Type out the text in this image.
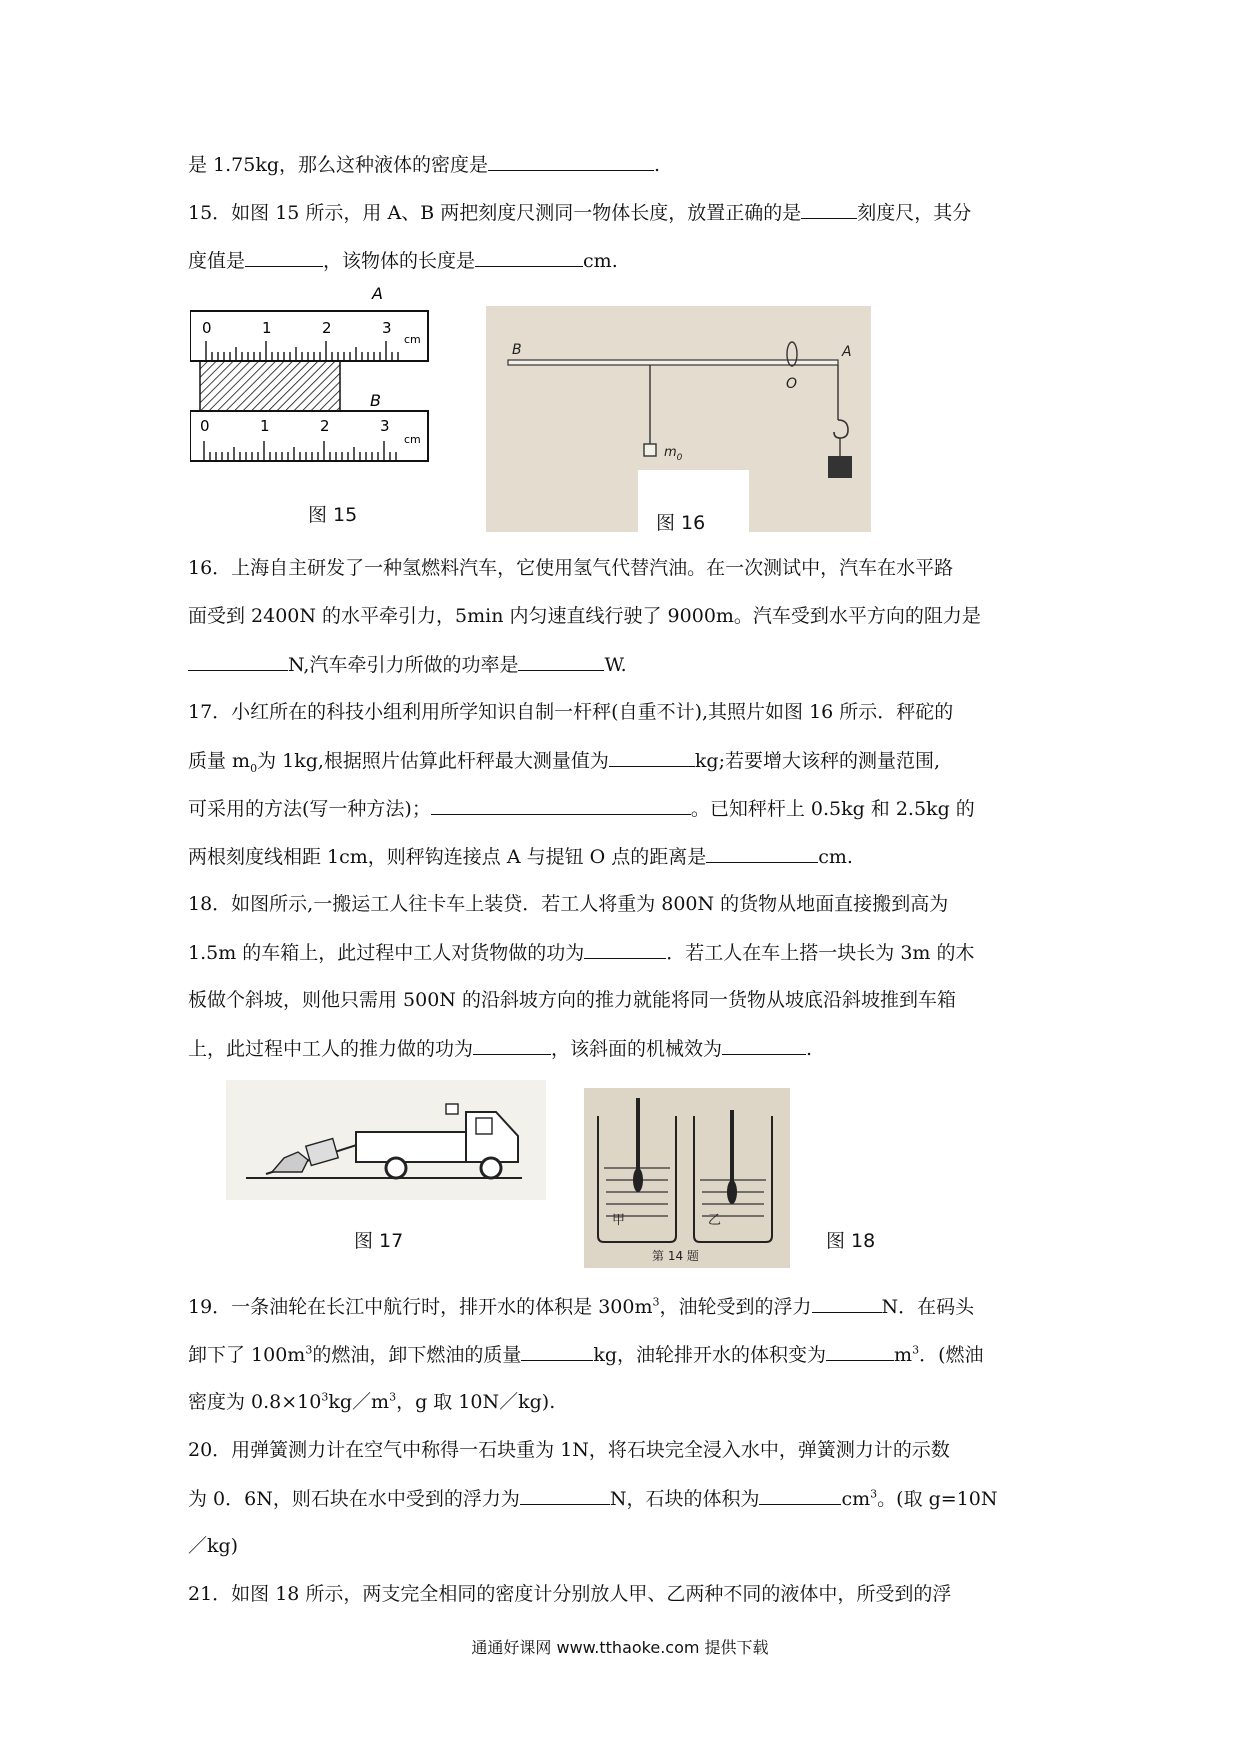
是 1.75kg，那么这种液体的密度是	.
15．如图 15 所示，用 A、B 两把刻度尺测同一物体长度，放置正确的是	刻度尺，其分
度值是	，该物体的长度是	cm.
A
0	1	2	3
cm
B
0	1	2	3
cm
图 15
B	A
O
$m_0$
图 16
16．上海自主研发了一种氢燃料汽车，它使用氢气代替汽油。在一次测试中，汽车在水平路
面受到 2400N 的水平牵引力，5min 内匀速直线行驶了 9000m。汽车受到水平方向的阻力是
N,汽车牵引力所做的功率是	W.
17．小红所在的科技小组利用所学知识自制一杆秤(自重不计),其照片如图 16 所示．秤砣的
质量 $m_0$为 1kg,根据照片估算此杆秤最大测量值为	kg;若要增大该秤的测量范围,
可采用的方法(写一种方法)；	。已知秤杆上 0.5kg 和 2.5kg 的
两根刻度线相距 1cm，则秤钩连接点 A 与提钮 O 点的距离是	cm.
18．如图所示,一搬运工人往卡车上装贷．若工人将重为 800N 的货物从地面直接搬到高为
1.5m 的车箱上，此过程中工人对货物做的功为	．若工人在车上搭一块长为 3m 的木
板做个斜坡，则他只需用 500N 的沿斜坡方向的推力就能将同一货物从坡底沿斜坡推到车箱
上，此过程中工人的推力做的功为	，该斜面的机械效为	.
图 17
甲	乙
第 14 题
图 18
19．一条油轮在长江中航行时，排开水的体积是 $300m^3$，油轮受到的浮力	N．在码头
卸下了 $100m^3$的燃油，卸下燃油的质量	kg，油轮排开水的体积变为	$m^3$．(燃油
密度为 $0.8\times 10^3kg/m^3$，g 取 10N／kg).
20．用弹簧测力计在空气中称得一石块重为 1N，将石块完全浸入水中，弹簧测力计的示数
为 0．6N，则石块在水中受到的浮力为	N，石块的体积为	$cm^3$。(取 g=10N
／kg)
21．如图 18 所示，两支完全相同的密度计分别放人甲、乙两种不同的液体中，所受到的浮
通通好课网 www.tthaoke.com 提供下载
